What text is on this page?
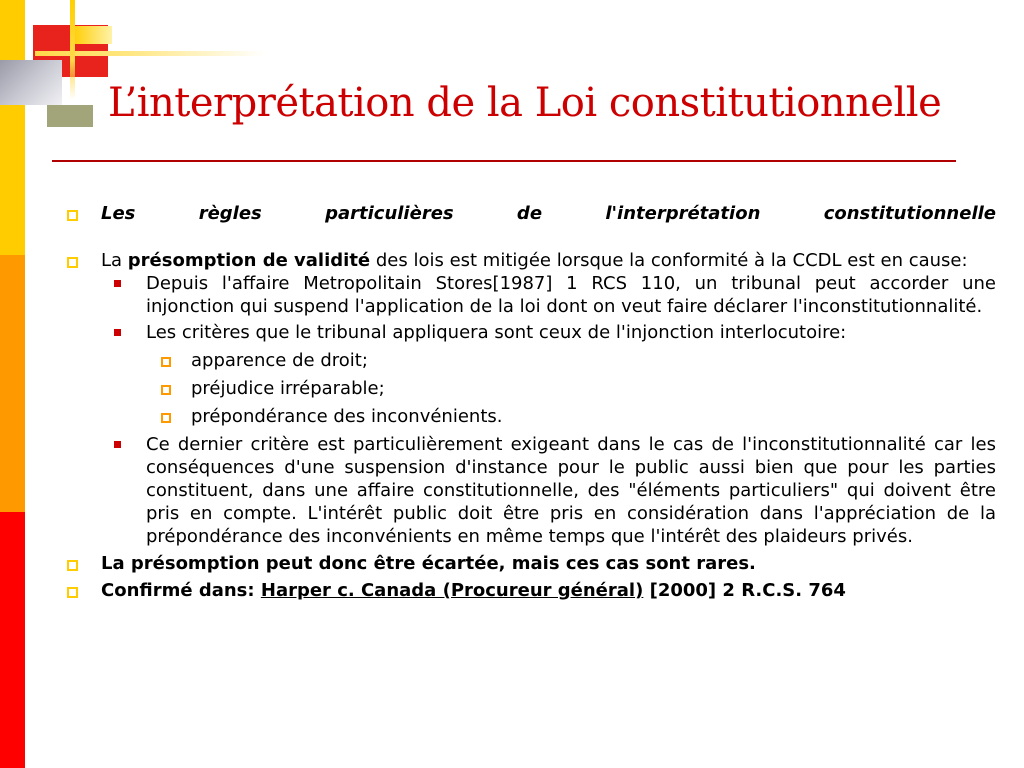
L’interprétation de la Loi constitutionnelle
Les règles particulières de l'interprétation constitutionnelle
La présomption de validité des lois est mitigée lorsque la conformité à la CCDL est en cause:
Depuis l'affaire Metropolitain Stores[1987] 1 RCS 110, un tribunal peut accorder une injonction qui suspend l'application de la loi dont on veut faire déclarer l'inconstitutionnalité.
Les critères que le tribunal appliquera sont ceux de l'injonction interlocutoire:
apparence de droit;
préjudice irréparable;
prépondérance des inconvénients.
Ce dernier critère est particulièrement exigeant dans le cas de l'inconstitutionnalité car les conséquences d'une suspension d'instance pour le public aussi bien que pour les parties constituent, dans une affaire constitutionnelle, des "éléments particuliers" qui doivent être pris en compte. L'intérêt public doit être pris en considération dans l'appréciation de la prépondérance des inconvénients en même temps que l'intérêt des plaideurs privés.
La présomption peut donc être écartée, mais ces cas sont rares.
Confirmé dans: Harper c. Canada (Procureur général) [2000] 2 R.C.S. 764
